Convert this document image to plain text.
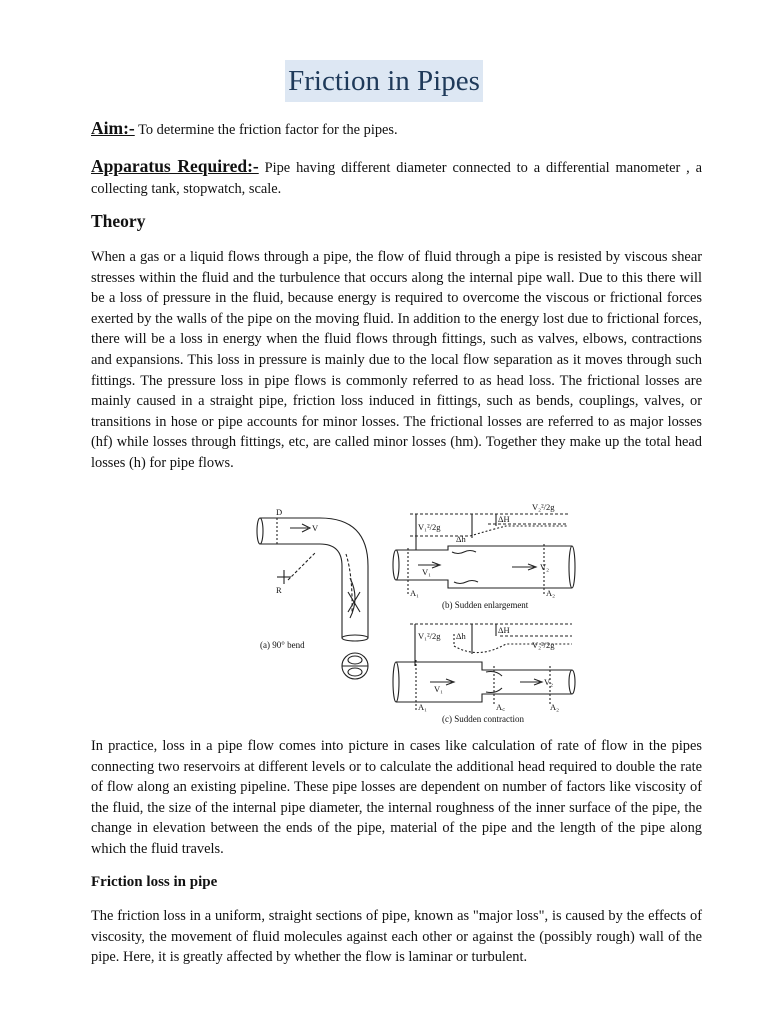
Friction in Pipes

Aim:- To determine the friction factor for the pipes.

Apparatus Required:- Pipe having different diameter connected to a differential manometer , a collecting tank, stopwatch, scale.

Theory

When a gas or a liquid flows through a pipe, the flow of fluid through a pipe is resisted by viscous shear stresses within the fluid and the turbulence that occurs along the internal pipe wall. Due to this there will be a loss of pressure in the fluid, because energy is required to overcome the viscous or frictional forces exerted by the walls of the pipe on the moving fluid. In addition to the energy lost due to frictional forces, there will be a loss in energy when the fluid flows through fittings, such as valves, elbows, contractions and expansions. This loss in pressure is mainly due to the local flow separation as it moves through such fittings. The pressure loss in pipe flows is commonly referred to as head loss. The frictional losses are mainly caused in a straight pipe, friction loss induced in fittings, such as bends, couplings, valves, or transitions in hose or pipe accounts for minor losses. The frictional losses are referred to as major losses (hf) while losses through fittings, etc, are called minor losses (hm). Together they make up the total head losses (h) for pipe flows.

D
V
R
(a) 90° bend
V₁²/2g
V₂²/2g
ΔH
Δh
V₁	V₂
A₁	A₂
(b) Sudden enlargement
V₁²/2g
V₂²/2g
ΔH
Δh
V₁
V₂
A₁	A꜀	A₂
(c) Sudden contraction

In practice, loss in a pipe flow comes into picture in cases like calculation of rate of flow in the pipes connecting two reservoirs at different levels or to calculate the additional head required to double the rate of flow along an existing pipeline. These pipe losses are dependent on number of factors like viscosity of the fluid, the size of the internal pipe diameter, the internal roughness of the inner surface of the pipe, the change in elevation between the ends of the pipe, material of the pipe and the length of the pipe along which the fluid travels.

Friction loss in pipe

The friction loss in a uniform, straight sections of pipe, known as "major loss", is caused by the effects of viscosity, the movement of fluid molecules against each other or against the (possibly rough) wall of the pipe. Here, it is greatly affected by whether the flow is laminar or turbulent.
